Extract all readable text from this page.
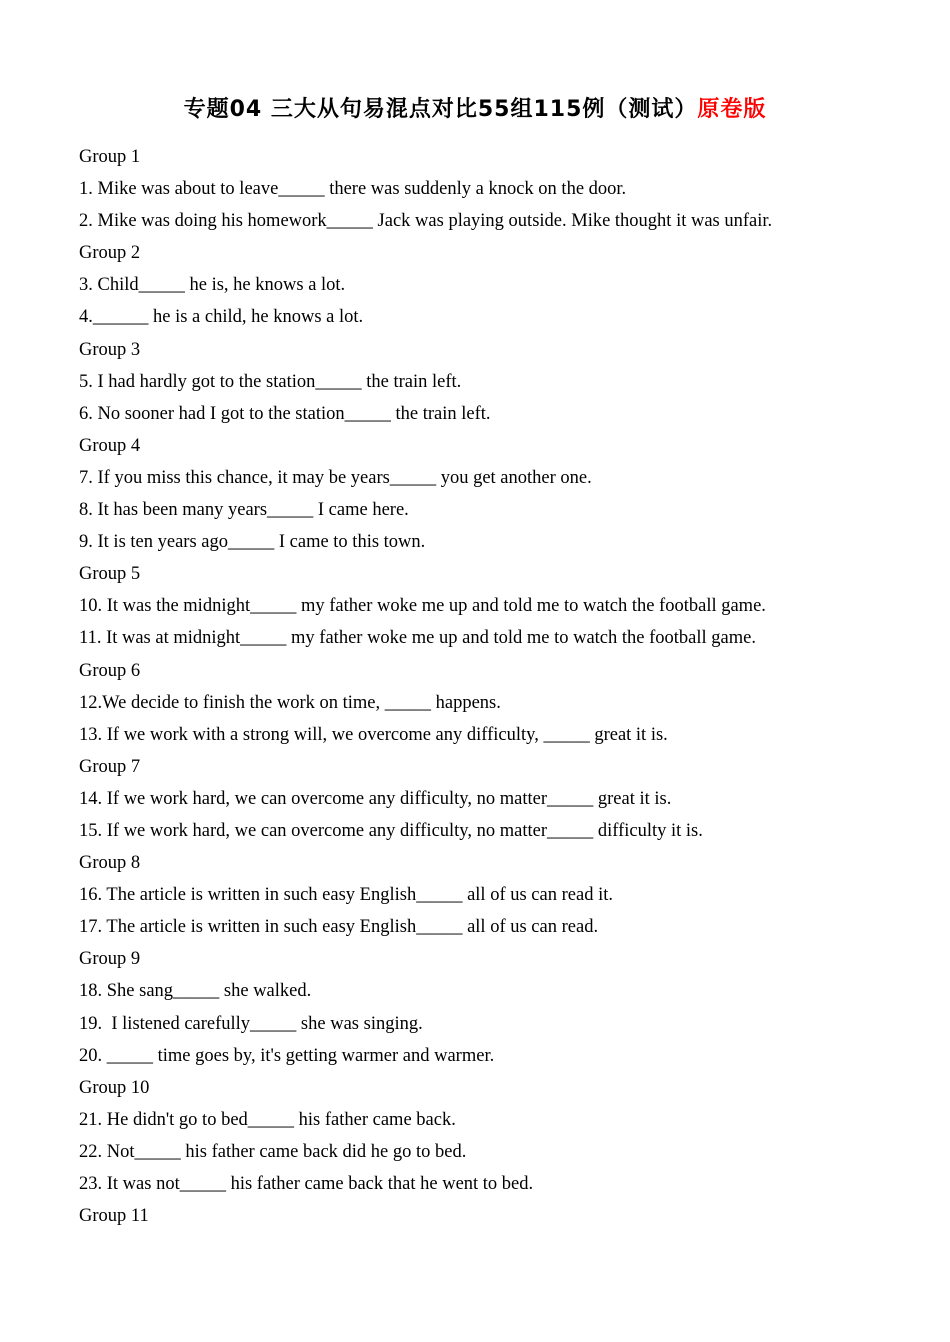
专题04 三大从句易混点对比55组115例（测试）原卷版
Group 1
1. Mike was about to leave_____ there was suddenly a knock on the door.
2. Mike was doing his homework_____ Jack was playing outside. Mike thought it was unfair.
Group 2
3. Child_____ he is, he knows a lot.
4.______ he is a child, he knows a lot.
Group 3
5. I had hardly got to the station_____ the train left.
6. No sooner had I got to the station_____ the train left.
Group 4
7. If you miss this chance, it may be years_____ you get another one.
8. It has been many years_____ I came here.
9. It is ten years ago_____ I came to this town.
Group 5
10. It was the midnight_____ my father woke me up and told me to watch the football game.
11. It was at midnight_____ my father woke me up and told me to watch the football game.
Group 6
12.We decide to finish the work on time, _____ happens.
13. If we work with a strong will, we overcome any difficulty, _____ great it is.
Group 7
14. If we work hard, we can overcome any difficulty, no matter_____ great it is.
15. If we work hard, we can overcome any difficulty, no matter_____ difficulty it is.
Group 8
16. The article is written in such easy English_____ all of us can read it.
17. The article is written in such easy English_____ all of us can read.
Group 9
18. She sang_____ she walked.
19.  I listened carefully_____ she was singing.
20. _____ time goes by, it's getting warmer and warmer.
Group 10
21. He didn't go to bed_____ his father came back.
22. Not_____ his father came back did he go to bed.
23. It was not_____ his father came back that he went to bed.
Group 11
